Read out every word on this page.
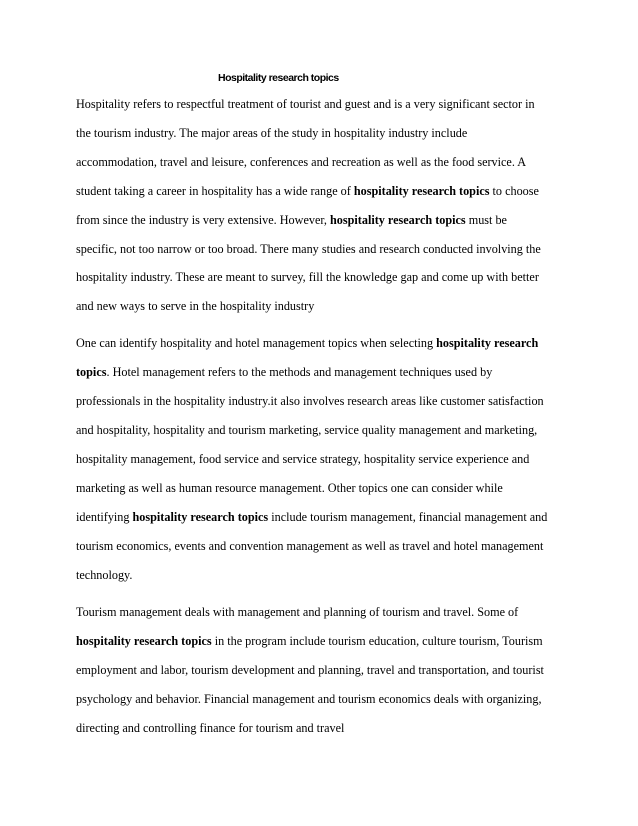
Hospitality research topics
Hospitality refers to respectful treatment of tourist and guest and is a very significant sector in
the tourism industry. The major areas of the study in hospitality industry include
accommodation, travel and leisure, conferences and recreation as well as the food service. A
student taking a career in hospitality has a wide range of hospitality research topics to choose
from since the industry is very extensive. However, hospitality research topics must be
specific, not too narrow or too broad. There many studies and research conducted involving the
hospitality industry. These are meant to survey, fill the knowledge gap and come up with better
and new ways to serve in the hospitality industry
One can identify hospitality and hotel management topics when selecting hospitality research
topics. Hotel management refers to the methods and management techniques used by
professionals in the hospitality industry.it also involves research areas like customer satisfaction
and hospitality, hospitality and tourism marketing, service quality management and marketing,
hospitality management, food service and service strategy, hospitality service experience and
marketing as well as human resource management. Other topics one can consider while
identifying hospitality research topics include tourism management, financial management and
tourism economics, events and convention management as well as travel and hotel management
technology.
Tourism management deals with management and planning of tourism and travel. Some of
hospitality research topics in the program include tourism education, culture tourism, Tourism
employment and labor, tourism development and planning, travel and transportation, and tourist
psychology and behavior. Financial management and tourism economics deals with organizing,
directing and controlling finance for tourism and travel
